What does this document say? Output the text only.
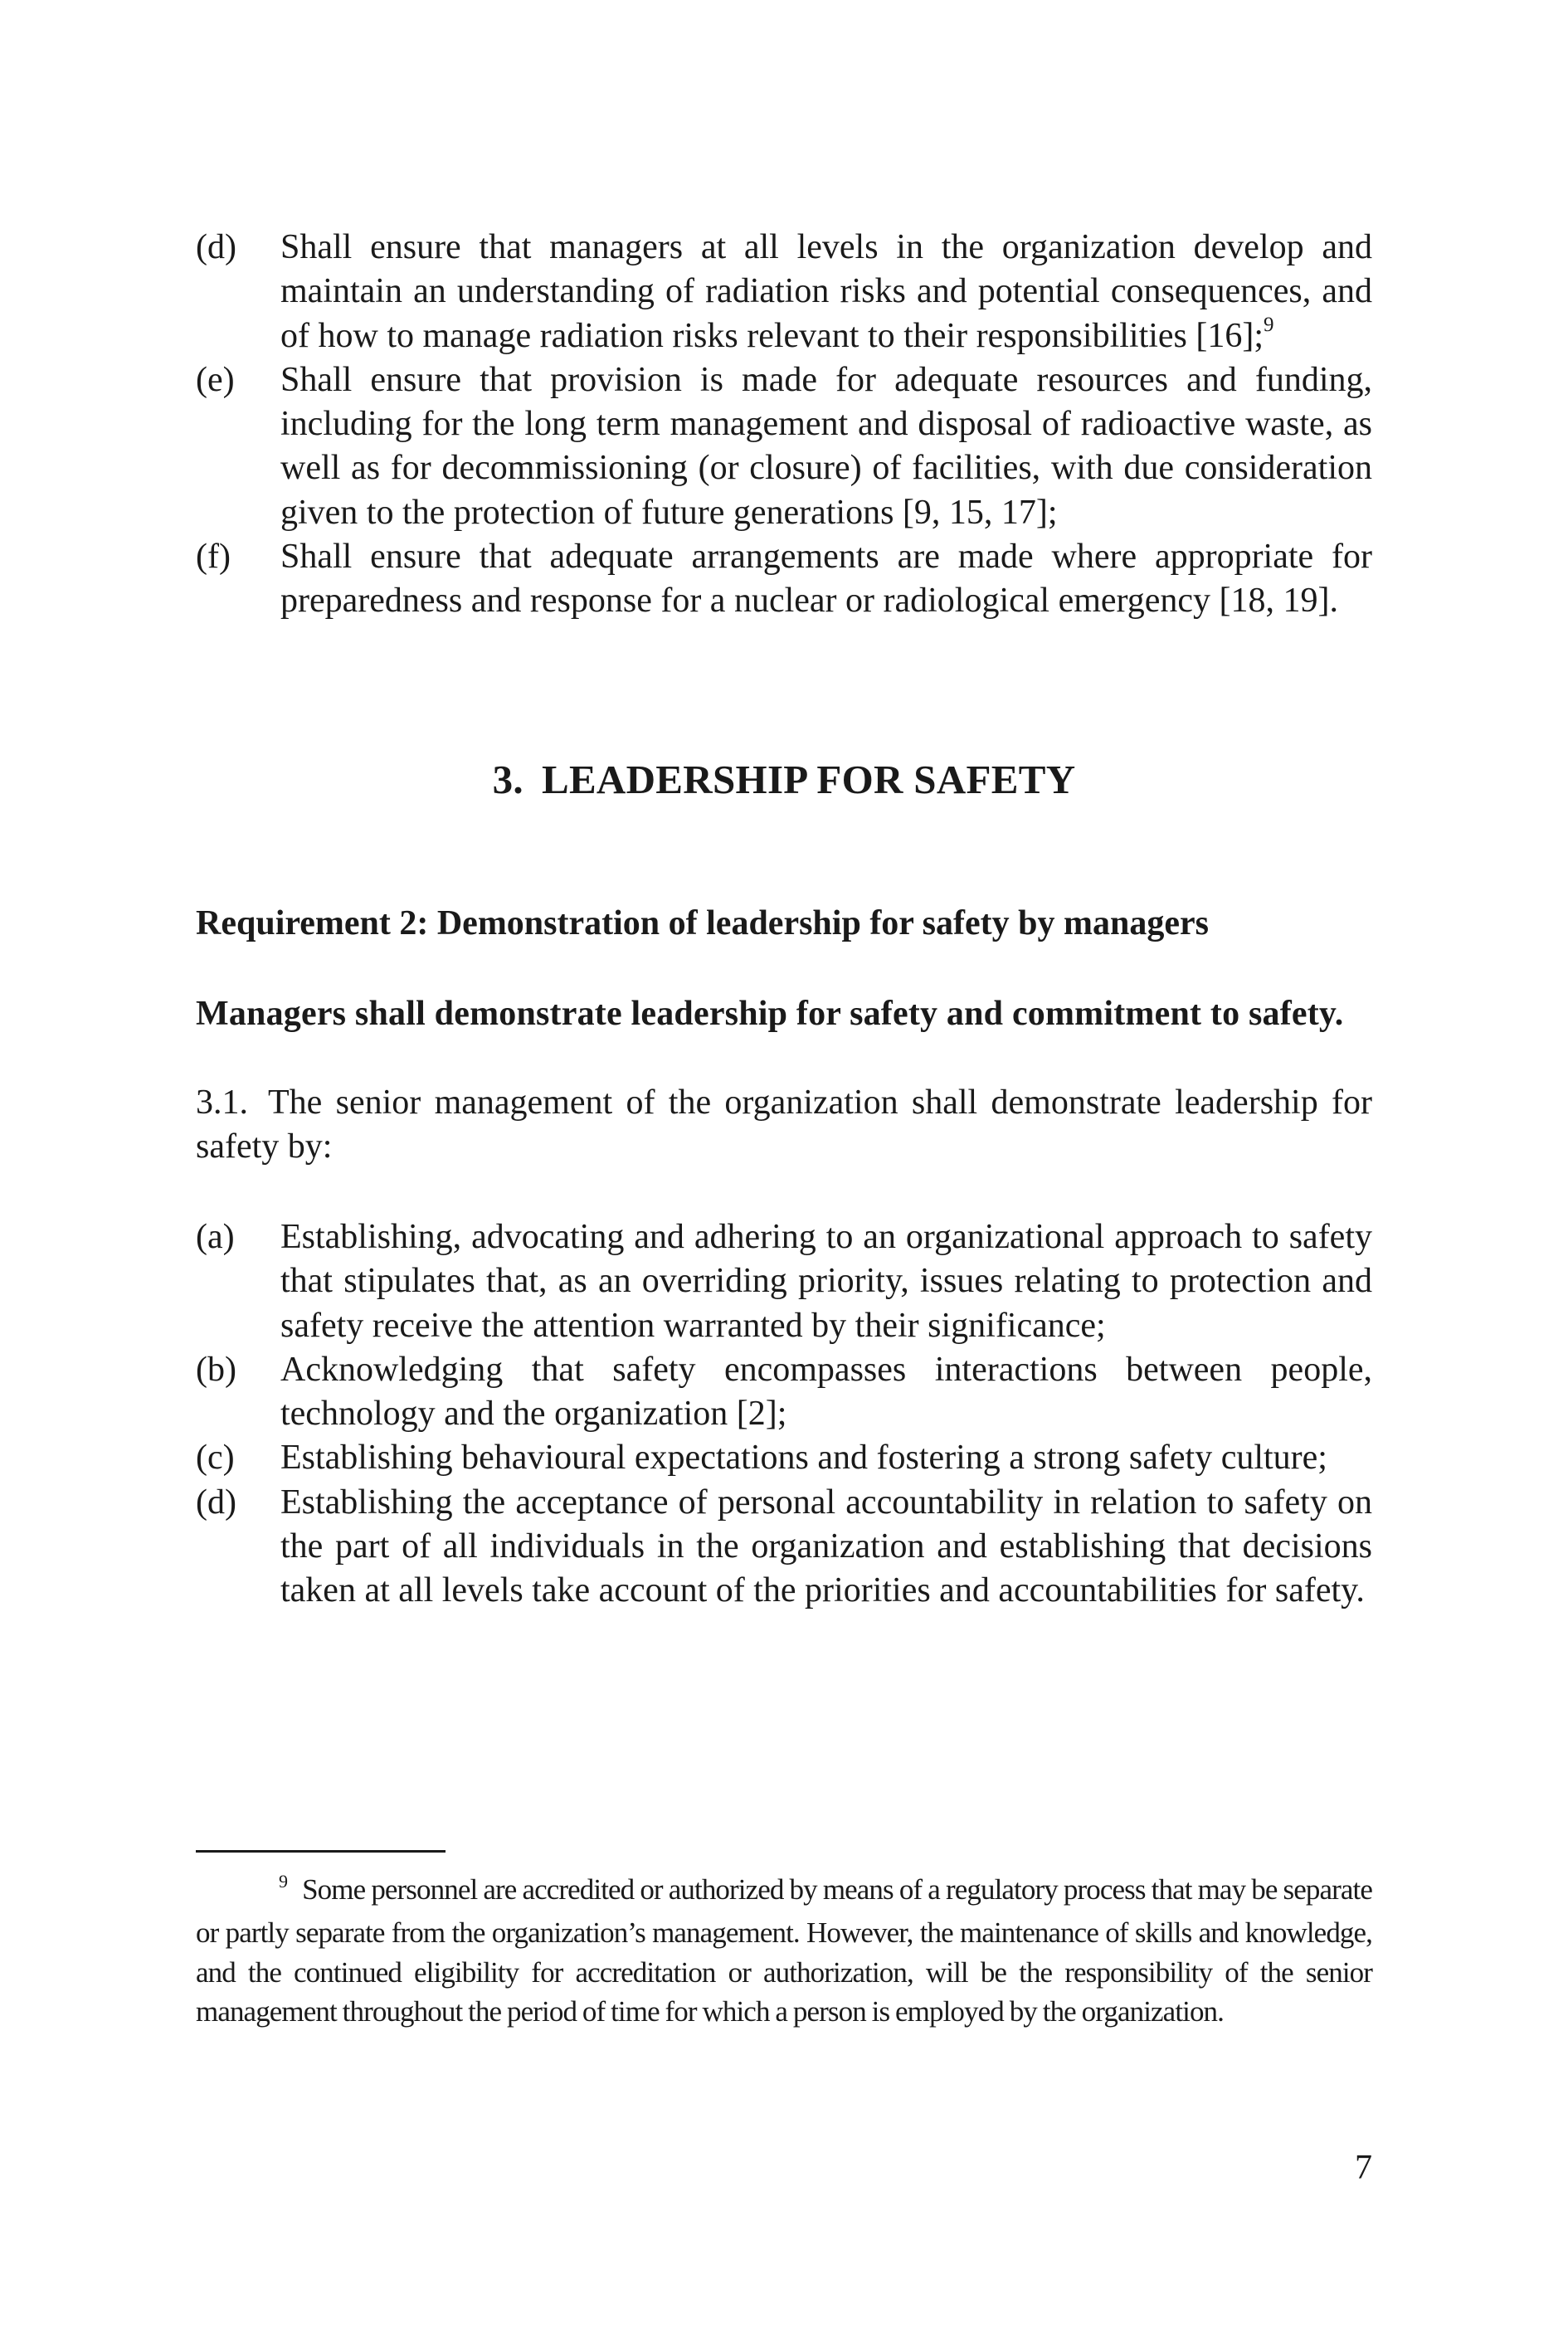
(d) Shall ensure that managers at all levels in the organization develop and maintain an understanding of radiation risks and potential consequences, and of how to manage radiation risks relevant to their responsibilities [16];$^9$
(e) Shall ensure that provision is made for adequate resources and funding, including for the long term management and disposal of radioactive waste, as well as for decommissioning (or closure) of facilities, with due consideration given to the protection of future generations [9, 15, 17];
(f) Shall ensure that adequate arrangements are made where appropriate for preparedness and response for a nuclear or radiological emergency [18, 19].
3. LEADERSHIP FOR SAFETY
Requirement 2: Demonstration of leadership for safety by managers
Managers shall demonstrate leadership for safety and commitment to safety.
3.1. The senior management of the organization shall demonstrate leadership for safety by:
(a) Establishing, advocating and adhering to an organizational approach to safety that stipulates that, as an overriding priority, issues relating to protection and safety receive the attention warranted by their significance;
(b) Acknowledging that safety encompasses interactions between people, technology and the organization [2];
(c) Establishing behavioural expectations and fostering a strong safety culture;
(d) Establishing the acceptance of personal accountability in relation to safety on the part of all individuals in the organization and establishing that decisions taken at all levels take account of the priorities and accountabilities for safety.
$^9$ Some personnel are accredited or authorized by means of a regulatory process that may be separate or partly separate from the organization’s management. However, the maintenance of skills and knowledge, and the continued eligibility for accreditation or authorization, will be the responsibility of the senior management throughout the period of time for which a person is employed by the organization.
7
